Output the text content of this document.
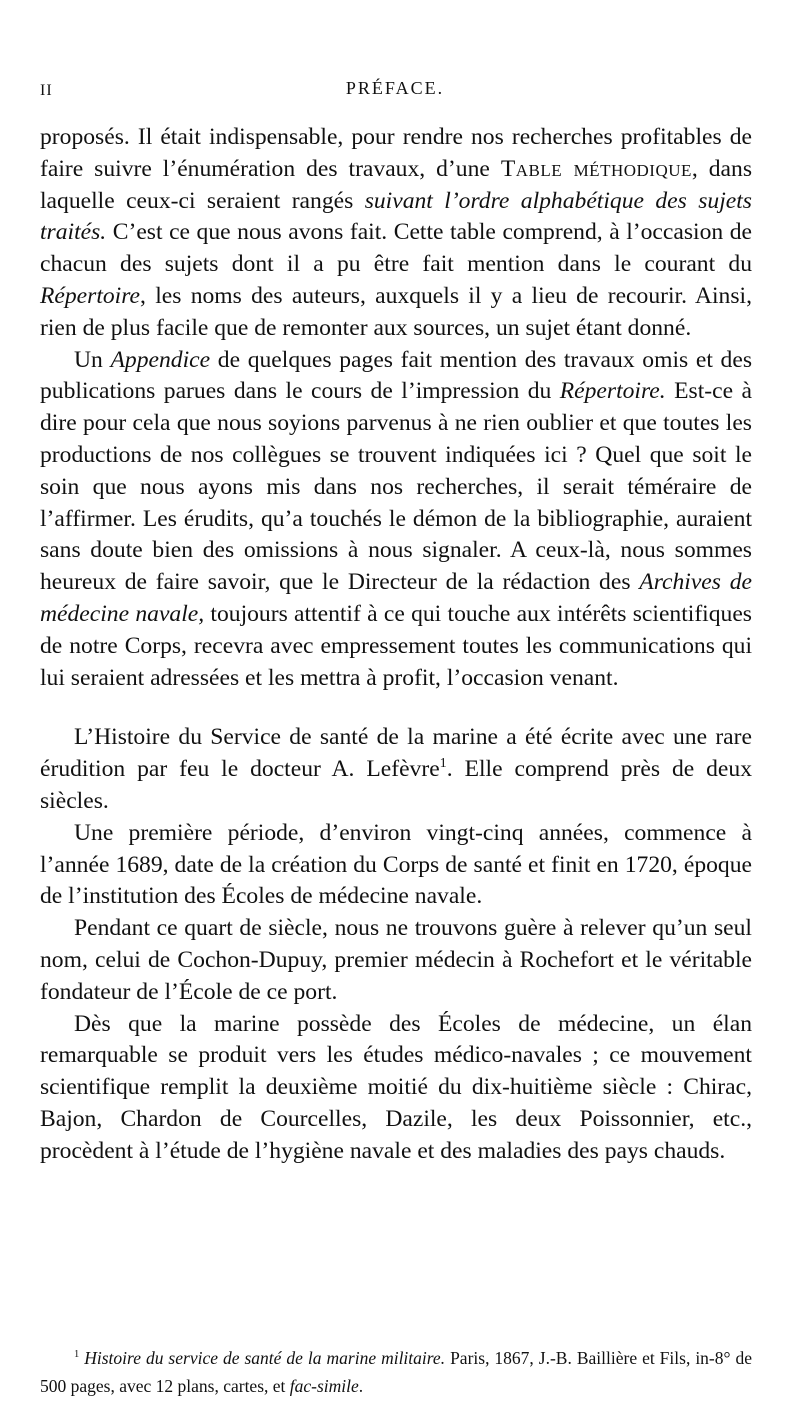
II	PRÉFACE.

proposés. Il était indispensable, pour rendre nos recherches profitables de faire suivre l’énumération des travaux, d’une Table méthodique, dans laquelle ceux-ci seraient rangés suivant l’ordre alphabétique des sujets traités. C’est ce que nous avons fait. Cette table comprend, à l’occasion de chacun des sujets dont il a pu être fait mention dans le courant du Répertoire, les noms des auteurs, auxquels il y a lieu de recourir. Ainsi, rien de plus facile que de remonter aux sources, un sujet étant donné.

Un Appendice de quelques pages fait mention des travaux omis et des publications parues dans le cours de l’impression du Répertoire. Est-ce à dire pour cela que nous soyions parvenus à ne rien oublier et que toutes les productions de nos collègues se trouvent indiquées ici ? Quel que soit le soin que nous ayons mis dans nos recherches, il serait téméraire de l’affirmer. Les érudits, qu’a touchés le démon de la bibliographie, auraient sans doute bien des omissions à nous signaler. A ceux-là, nous sommes heureux de faire savoir, que le Directeur de la rédaction des Archives de médecine navale, toujours attentif à ce qui touche aux intérêts scientifiques de notre Corps, recevra avec empressement toutes les communications qui lui seraient adressées et les mettra à profit, l’occasion venant.

L’Histoire du Service de santé de la marine a été écrite avec une rare érudition par feu le docteur A. Lefèvre$^1$. Elle comprend près de deux siècles.

Une première période, d’environ vingt-cinq années, commence à l’année 1689, date de la création du Corps de santé et finit en 1720, époque de l’institution des Écoles de médecine navale.

Pendant ce quart de siècle, nous ne trouvons guère à relever qu’un seul nom, celui de Cochon-Dupuy, premier médecin à Rochefort et le véritable fondateur de l’École de ce port.

Dès que la marine possède des Écoles de médecine, un élan remarquable se produit vers les études médico-navales ; ce mouvement scientifique remplit la deuxième moitié du dix-huitième siècle : Chirac, Bajon, Chardon de Courcelles, Dazile, les deux Poissonnier, etc., procèdent à l’étude de l’hygiène navale et des maladies des pays chauds.

$^1$ Histoire du service de santé de la marine militaire. Paris, 1867, J.-B. Baillière et Fils, in-8° de 500 pages, avec 12 plans, cartes, et fac-simile.
